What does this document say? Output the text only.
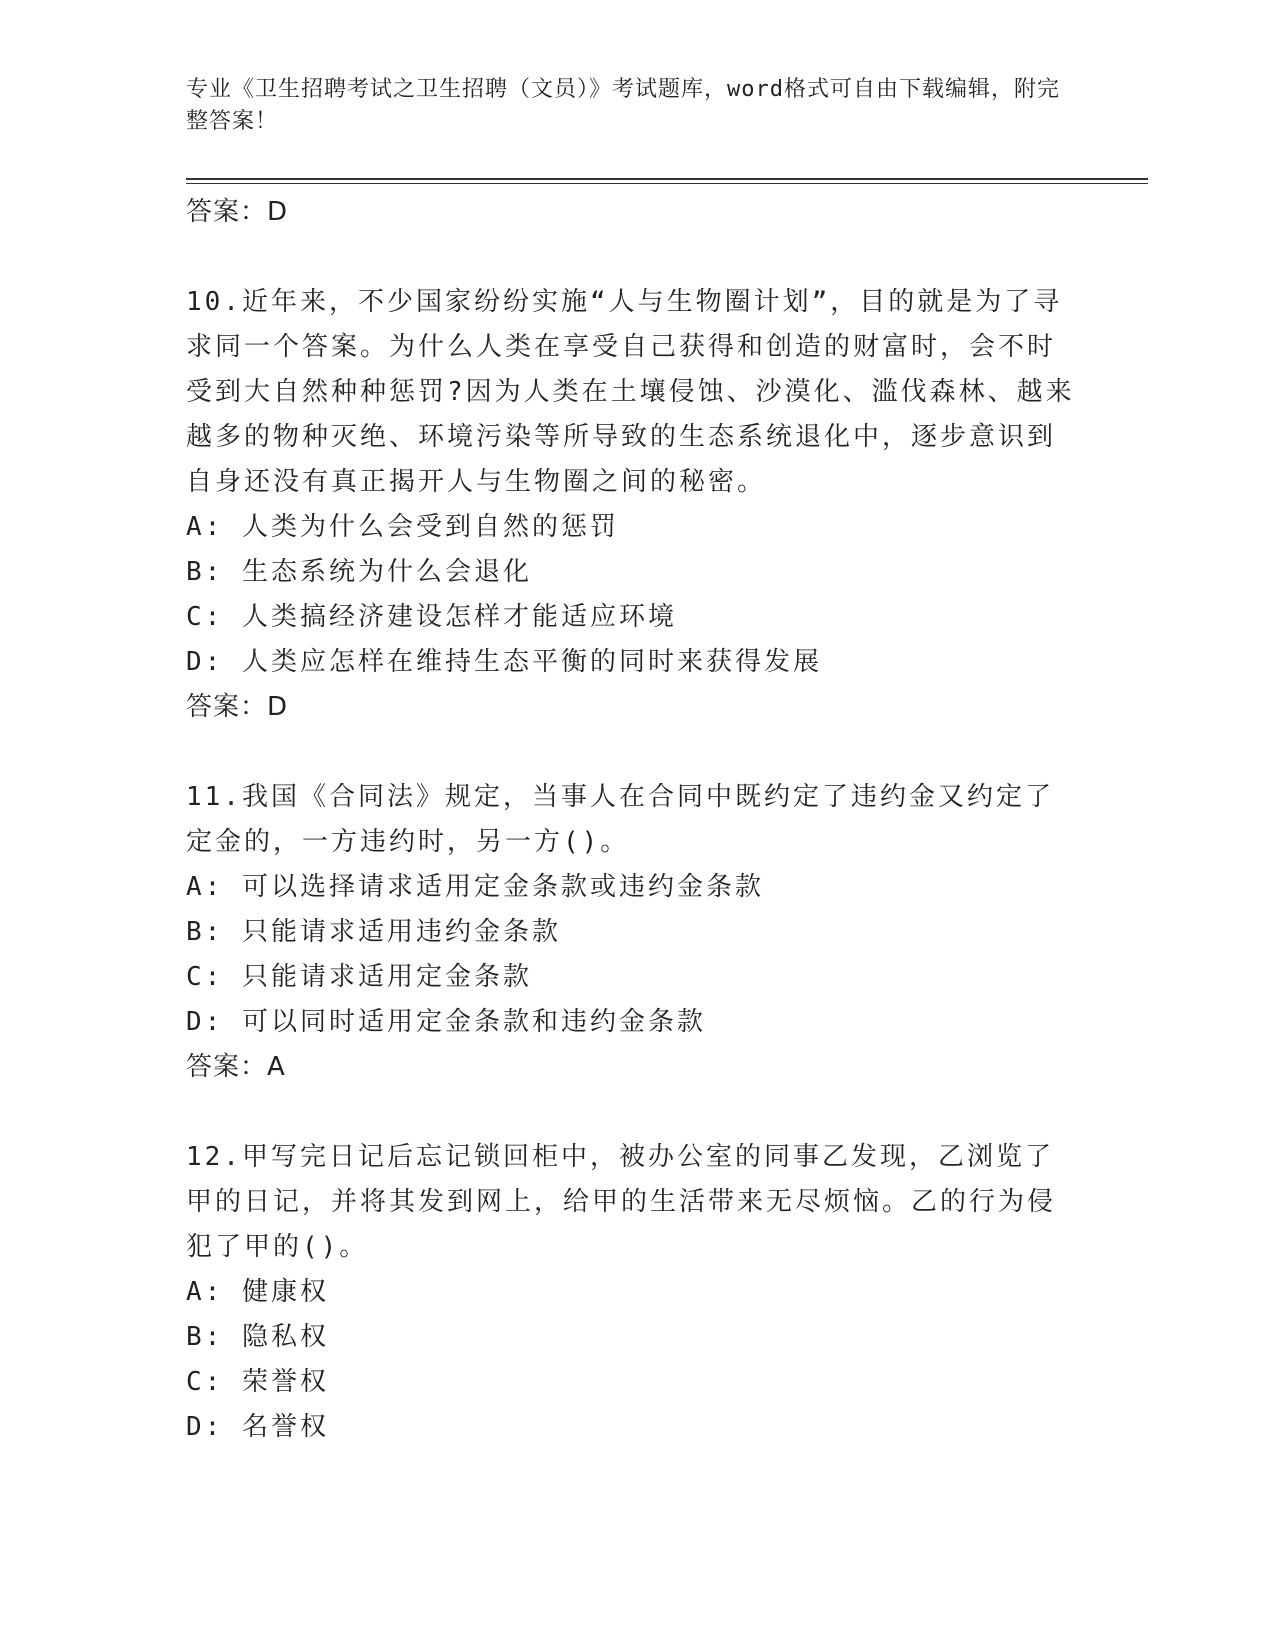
专业《卫生招聘考试之卫生招聘（文员）》考试题库，word格式可自由下载编辑，附完整答案！
答案：D
10.近年来，不少国家纷纷实施“人与生物圈计划”，目的就是为了寻求同一个答案。为什么人类在享受自己获得和创造的财富时，会不时受到大自然种种惩罚?因为人类在土壤侵蚀、沙漠化、滥伐森林、越来越多的物种灭绝、环境污染等所导致的生态系统退化中，逐步意识到自身还没有真正揭开人与生物圈之间的秘密。
A: 人类为什么会受到自然的惩罚
B: 生态系统为什么会退化
C: 人类搞经济建设怎样才能适应环境
D: 人类应怎样在维持生态平衡的同时来获得发展
答案：D
11.我国《合同法》规定，当事人在合同中既约定了违约金又约定了定金的，一方违约时，另一方()。
A: 可以选择请求适用定金条款或违约金条款
B: 只能请求适用违约金条款
C: 只能请求适用定金条款
D: 可以同时适用定金条款和违约金条款
答案：A
12.甲写完日记后忘记锁回柜中，被办公室的同事乙发现，乙浏览了甲的日记，并将其发到网上，给甲的生活带来无尽烦恼。乙的行为侵犯了甲的()。
A: 健康权
B: 隐私权
C: 荣誉权
D: 名誉权
